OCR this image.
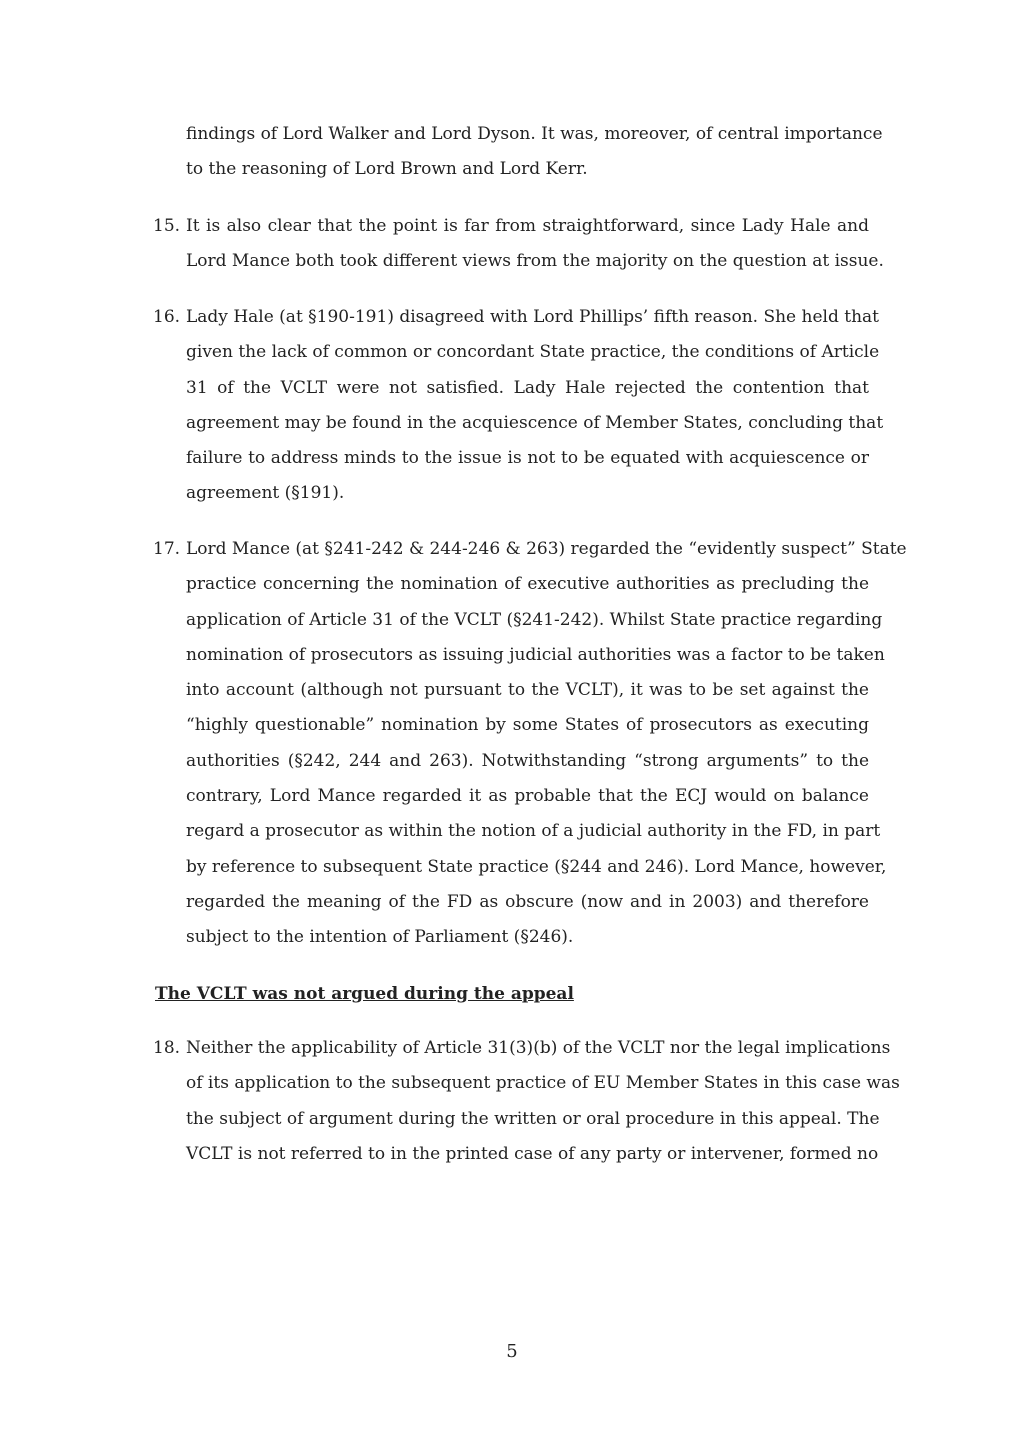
findings of Lord Walker and Lord Dyson. It was, moreover, of central importance
to the reasoning of Lord Brown and Lord Kerr.
15. It is also clear that the point is far from straightforward, since Lady Hale and
Lord Mance both took different views from the majority on the question at issue.
16. Lady Hale (at §190-191) disagreed with Lord Phillips’ fifth reason. She held that
given the lack of common or concordant State practice, the conditions of Article
31 of the VCLT were not satisfied. Lady Hale rejected the contention that
agreement may be found in the acquiescence of Member States, concluding that
failure to address minds to the issue is not to be equated with acquiescence or
agreement (§191).
17. Lord Mance (at §241-242 & 244-246 & 263) regarded the “evidently suspect” State
practice concerning the nomination of executive authorities as precluding the
application of Article 31 of the VCLT (§241-242). Whilst State practice regarding
nomination of prosecutors as issuing judicial authorities was a factor to be taken
into account (although not pursuant to the VCLT), it was to be set against the
“highly questionable” nomination by some States of prosecutors as executing
authorities (§242, 244 and 263). Notwithstanding “strong arguments” to the
contrary, Lord Mance regarded it as probable that the ECJ would on balance
regard a prosecutor as within the notion of a judicial authority in the FD, in part
by reference to subsequent State practice (§244 and 246). Lord Mance, however,
regarded the meaning of the FD as obscure (now and in 2003) and therefore
subject to the intention of Parliament (§246).
The VCLT was not argued during the appeal
18. Neither the applicability of Article 31(3)(b) of the VCLT nor the legal implications
of its application to the subsequent practice of EU Member States in this case was
the subject of argument during the written or oral procedure in this appeal. The
VCLT is not referred to in the printed case of any party or intervener, formed no
5
